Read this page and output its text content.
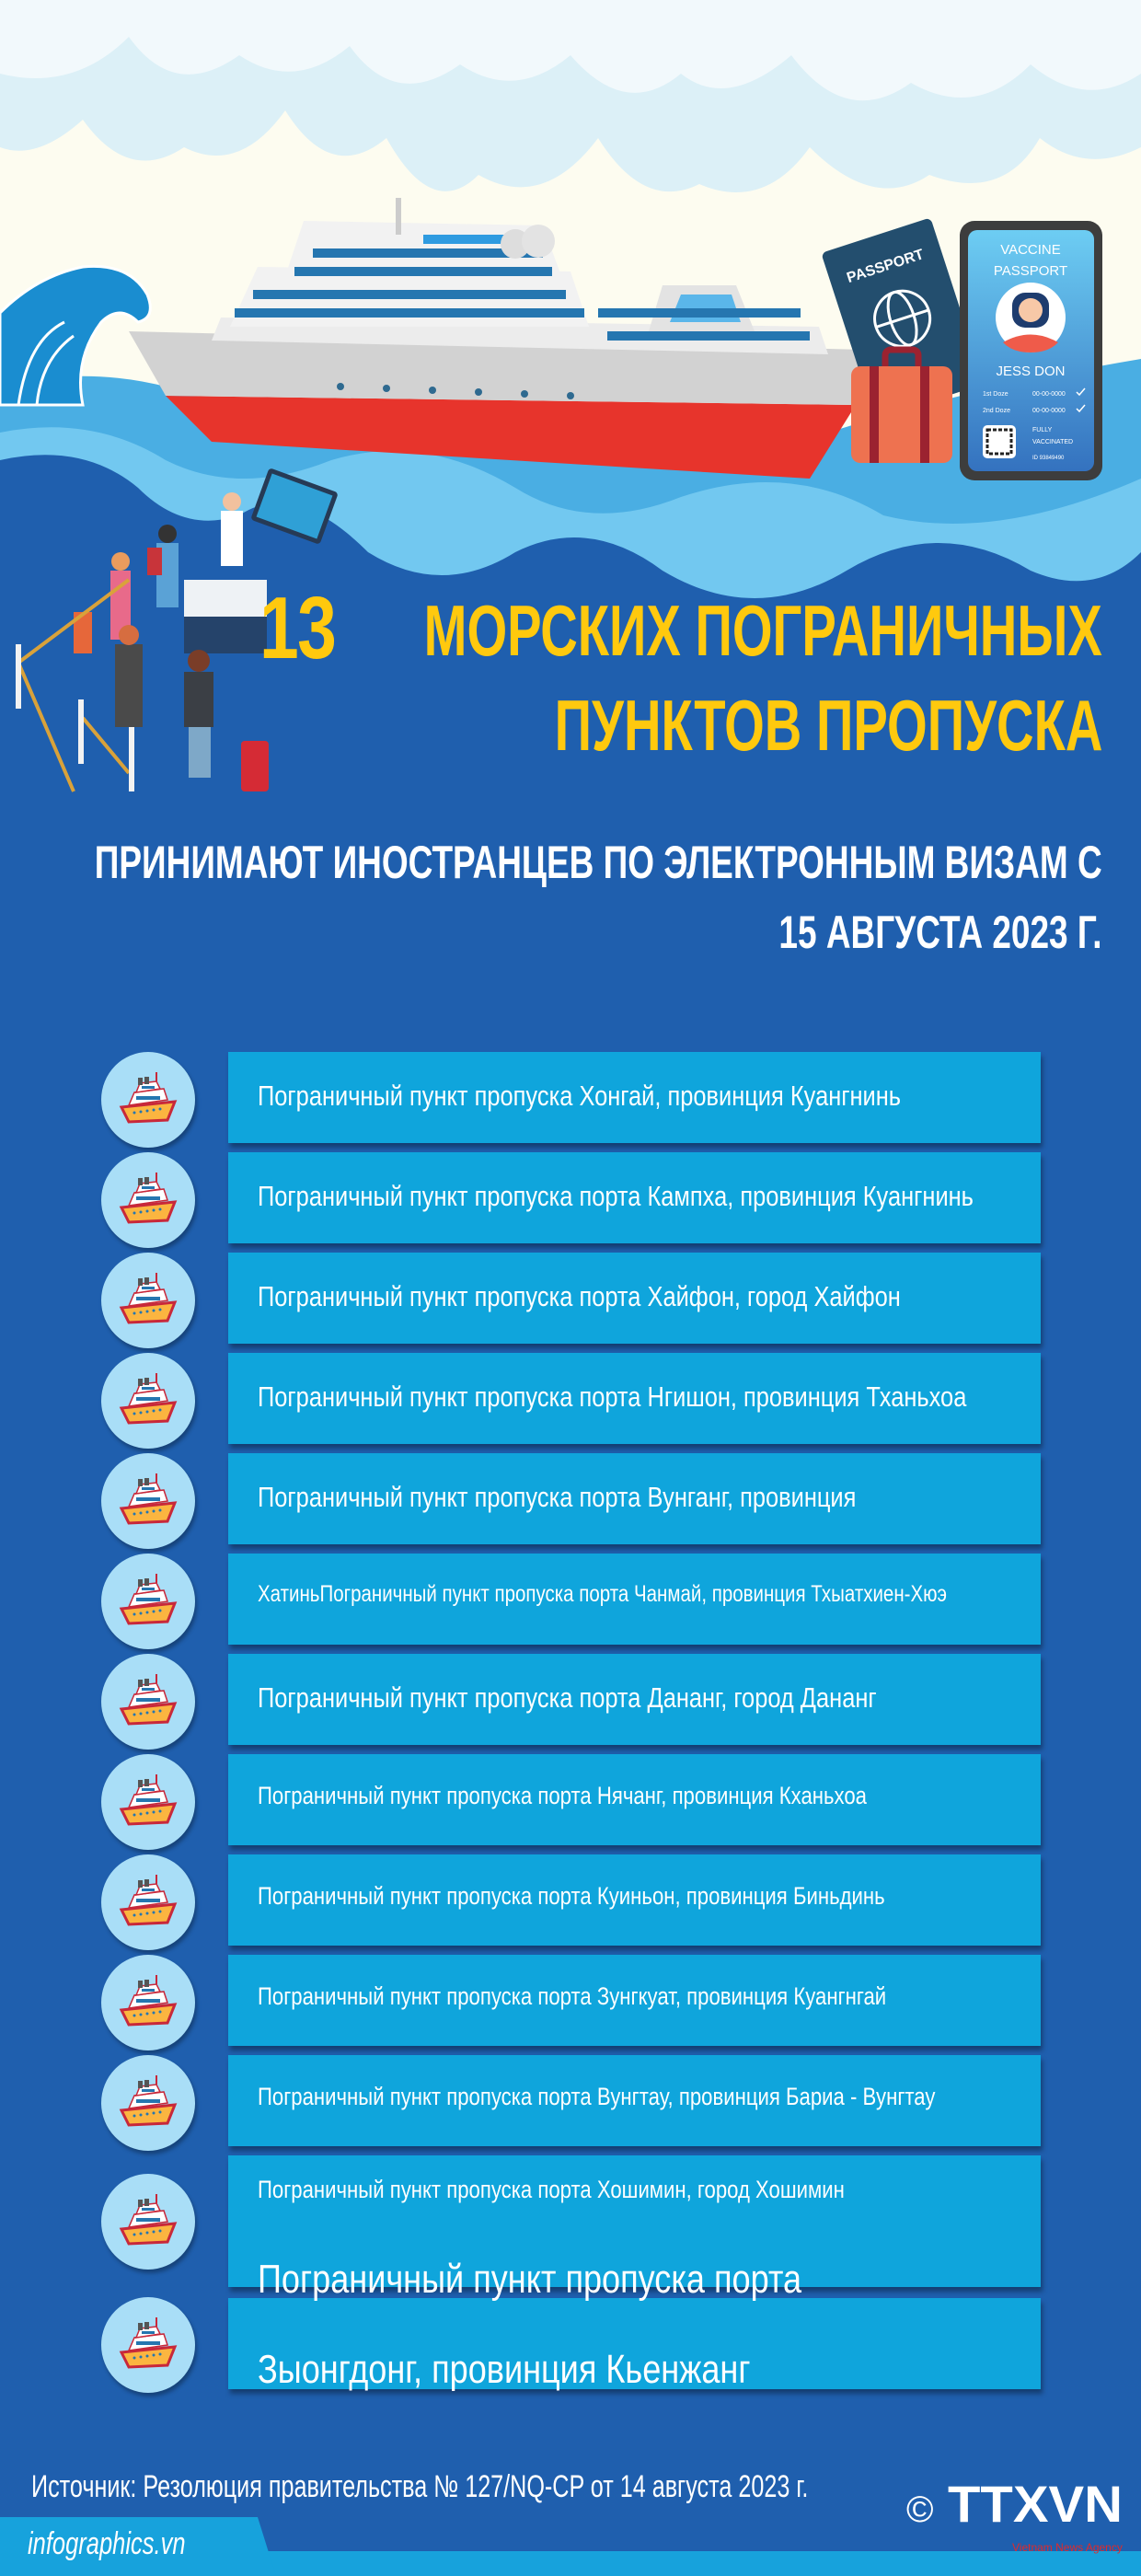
PASSPORT	VACCINE
PASSPORT
JESS DON
1st Doze	00-00-0000
2nd Doze	00-00-0000
FULLY
VACCINATED
ID 93849490
13 МОРСКИХ ПОГРАНИЧНЫХ
ПУНКТОВ ПРОПУСКА
ПРИНИМАЮТ ИНОСТРАНЦЕВ ПО ЭЛЕКТРОННЫМ ВИЗАМ С
15 АВГУСТА 2023 Г.
Пограничный пункт пропуска Хонгай, провинция Куангнинь
Пограничный пункт пропуска порта Кампха, провинция Куангнинь
Пограничный пункт пропуска порта Хайфон, город Хайфон
Пограничный пункт пропуска порта Нгишон, провинция Тханьхоа
Пограничный пункт пропуска порта Вунганг, провинция
ХатиньПограничный пункт пропуска порта Чанмай, провинция Тхыатхиен-Хюэ
Пограничный пункт пропуска порта Дананг, город Дананг
Пограничный пункт пропуска порта Нячанг, провинция Кханьхоа
Пограничный пункт пропуска порта Куиньон, провинция Биньдинь
Пограничный пункт пропуска порта Зунгкуат, провинция Куангнгай
Пограничный пункт пропуска порта Вунгтау, провинция Бариа - Вунгтау
Пограничный пункт пропуска порта Хошимин, город Хошимин
Пограничный пункт пропуска порта
Зыонгдонг, провинция Кьенжанг
Источник: Резолюция правительства № 127/NQ-CP от 14 августа 2023 г.
infographics.vn
© TTXVN
Vietnam News Agency
